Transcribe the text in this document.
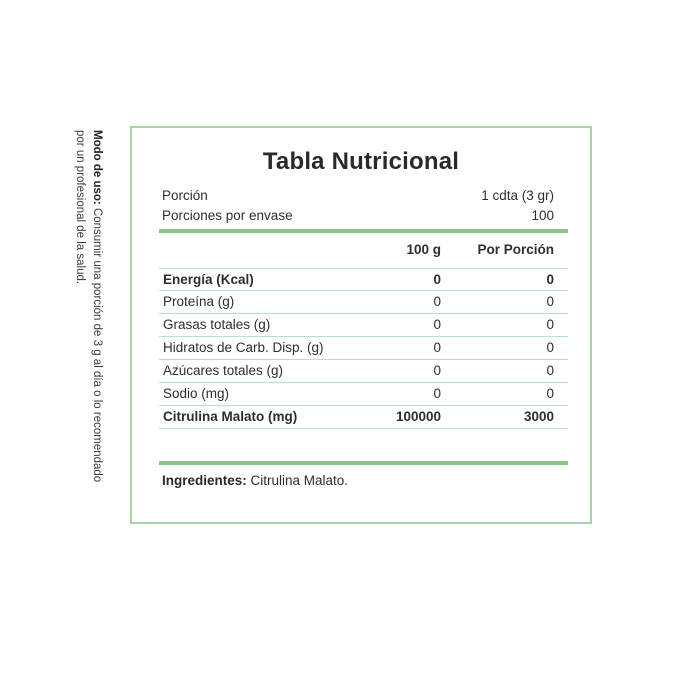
Modo de uso: Consumir una porción de 3 g al día o lo recomendado por un profesional de la salud.	Tabla Nutricional
Porción	1 cdta (3 gr)
Porciones por envase	100
100 g	Por Porción
Energía (Kcal)	0	0
Proteína (g)	0	0
Grasas totales (g)	0	0
Hidratos de Carb. Disp. (g)	0	0
Azúcares totales (g)	0	0
Sodio (mg)	0	0
Citrulina Malato (mg)	100000	3000
Ingredientes: Citrulina Malato.
